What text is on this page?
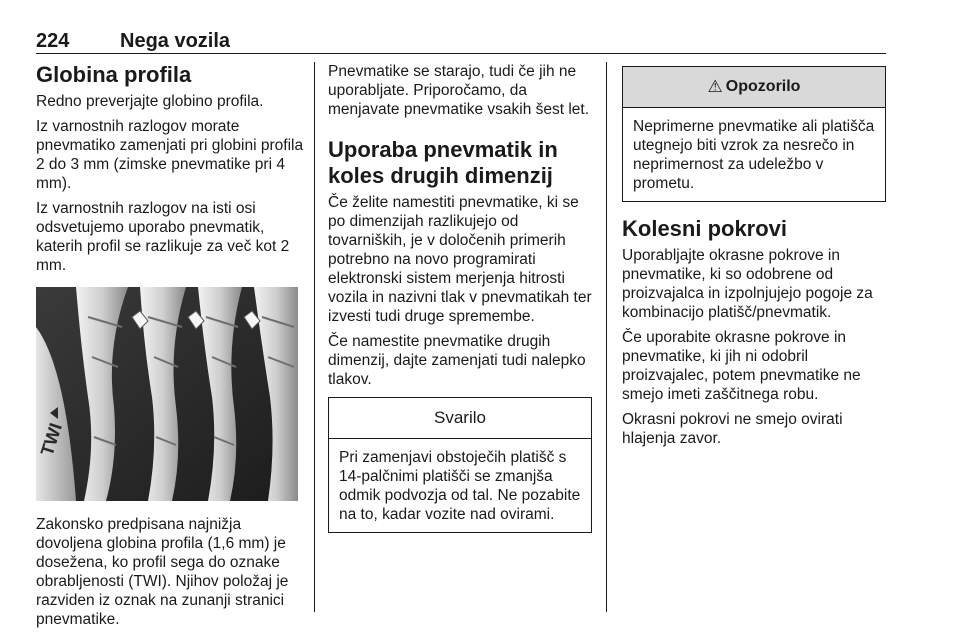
224	Nega vozila
Globina profila

Redno preverjajte globino profila.

Iz varnostnih razlogov morate pnevmatiko zamenjati pri globini profila 2 do 3 mm (zimske pnevmatike pri 4 mm).

Iz varnostnih razlogov na isti osi odsvetujemo uporabo pnevmatik, katerih profil se razlikuje za več kot 2 mm.

TWI

Zakonsko predpisana najnižja dovoljena globina profila (1,6 mm) je dosežena, ko profil sega do oznake obrabljenosti (TWI). Njihov položaj je razviden iz oznak na zunanji stranici pnevmatike.

Pnevmatike se starajo, tudi če jih ne uporabljate. Priporočamo, da menjavate pnevmatike vsakih šest let.

Uporaba pnevmatik in koles drugih dimenzij

Če želite namestiti pnevmatike, ki se po dimenzijah razlikujejo od tovarniških, je v določenih primerih potrebno na novo programirati elektronski sistem merjenja hitrosti vozila in nazivni tlak v pnevmatikah ter izvesti tudi druge spremembe.

Če namestite pnevmatike drugih dimenzij, dajte zamenjati tudi nalepko tlakov.

Svarilo

Pri zamenjavi obstoječih platišč s 14-palčnimi platišči se zmanjša odmik podvozja od tal. Ne pozabite na to, kadar vozite nad ovirami.

⚠ Opozorilo

Neprimerne pnevmatike ali platišča utegnejo biti vzrok za nesrečo in neprimernost za udeležbo v prometu.

Kolesni pokrovi

Uporabljajte okrasne pokrove in pnevmatike, ki so odobrene od proizvajalca in izpolnjujejo pogoje za kombinacijo platišč/pnevmatik.

Če uporabite okrasne pokrove in pnevmatike, ki jih ni odobril proizvajalec, potem pnevmatike ne smejo imeti zaščitnega robu.

Okrasni pokrovi ne smejo ovirati hlajenja zavor.
